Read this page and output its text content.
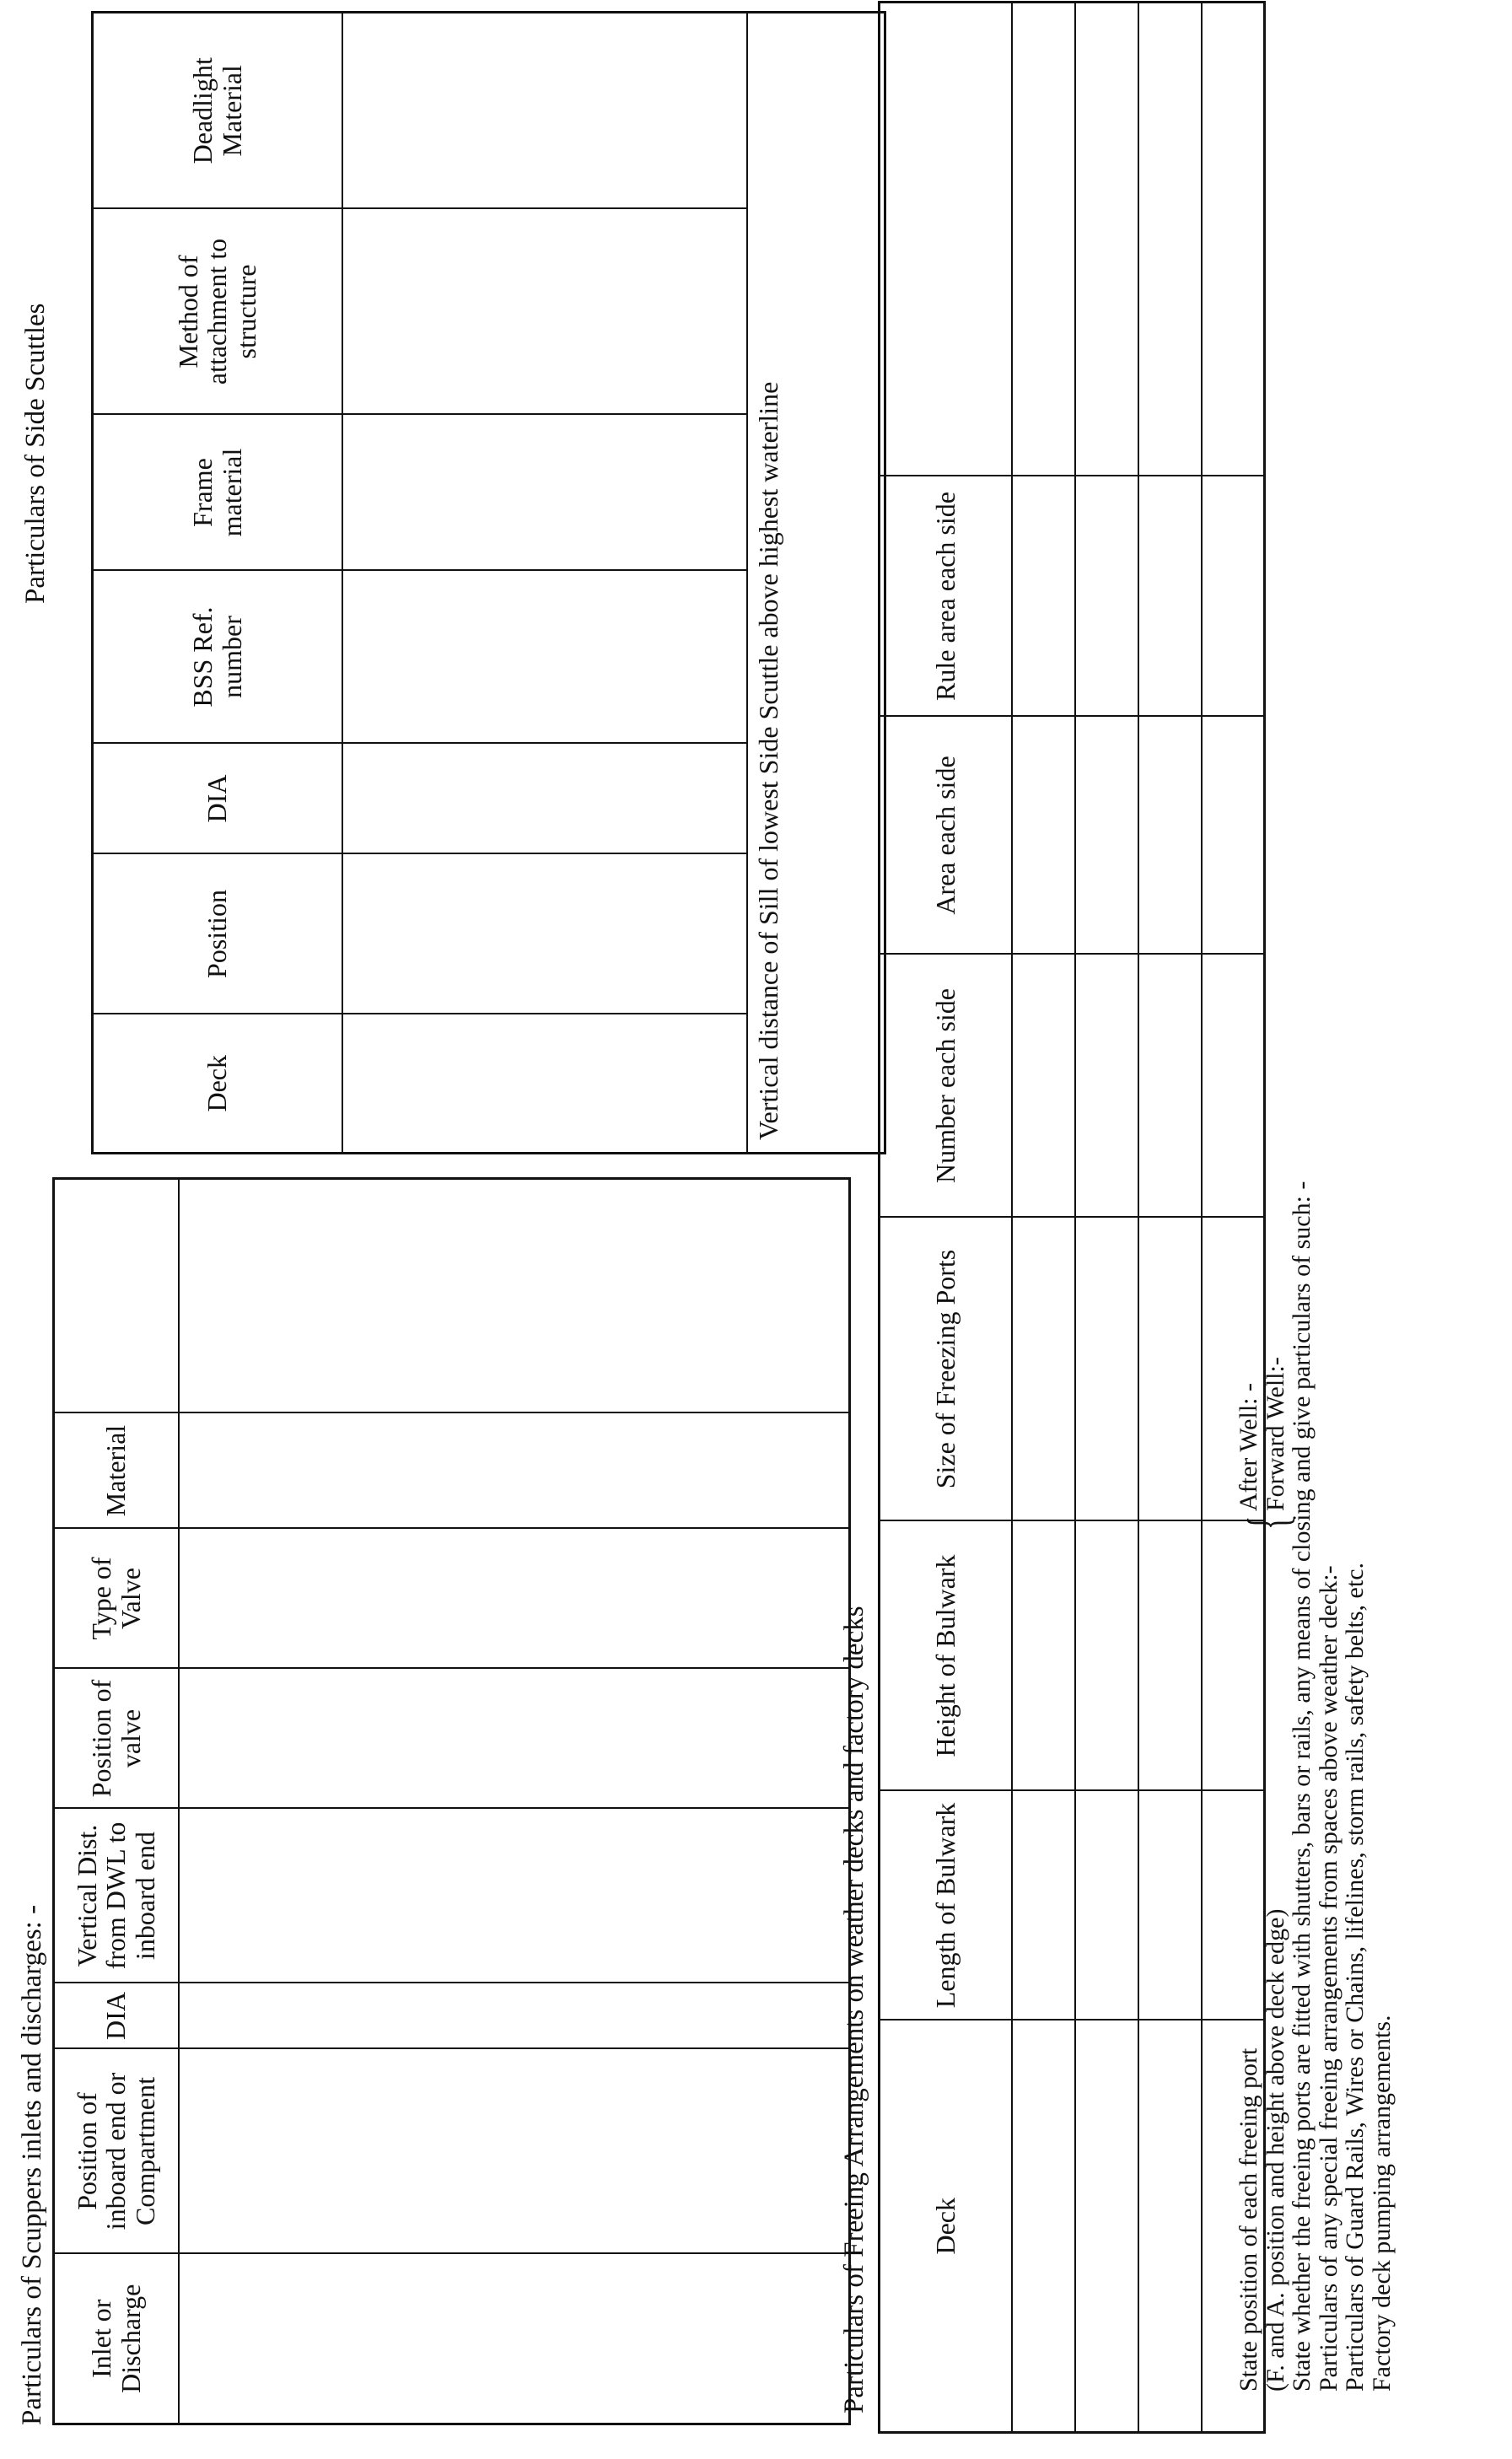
Particulars of Scuppers inlets and discharges: - Inlet or Discharge	Position of inboard end or Compartment	DIA	Vertical Dist. from DWL to inboard end	Position of valve	Type of Valve	Material	

Particulars of Side Scuttles
Deck	Position	DIA	BSS Ref. number	Frame material	Method of attachment to structure	Deadlight Material

Vertical distance of Sill of lowest Side Scuttle above highest waterline						
Particulars of Freeing Arrangements on weather decks and factory decks Deck	Length of Bulwark	Height of Bulwark	Size of Freezing Ports	Number each side	Area each side	Rule area each side	

State position of each freeing port
(F. and A. position and height above deck edge)
State whether the freeing ports are fitted with shutters, bars or rails, any means of closing and give particulars of such: -
Particulars of any special freeing arrangements from spaces above weather deck:-
Particulars of Guard Rails, Wires or Chains, lifelines, storm rails, safety belts, etc.
Factory deck pumping arrangements.
{
After Well: - Forward Well:-
